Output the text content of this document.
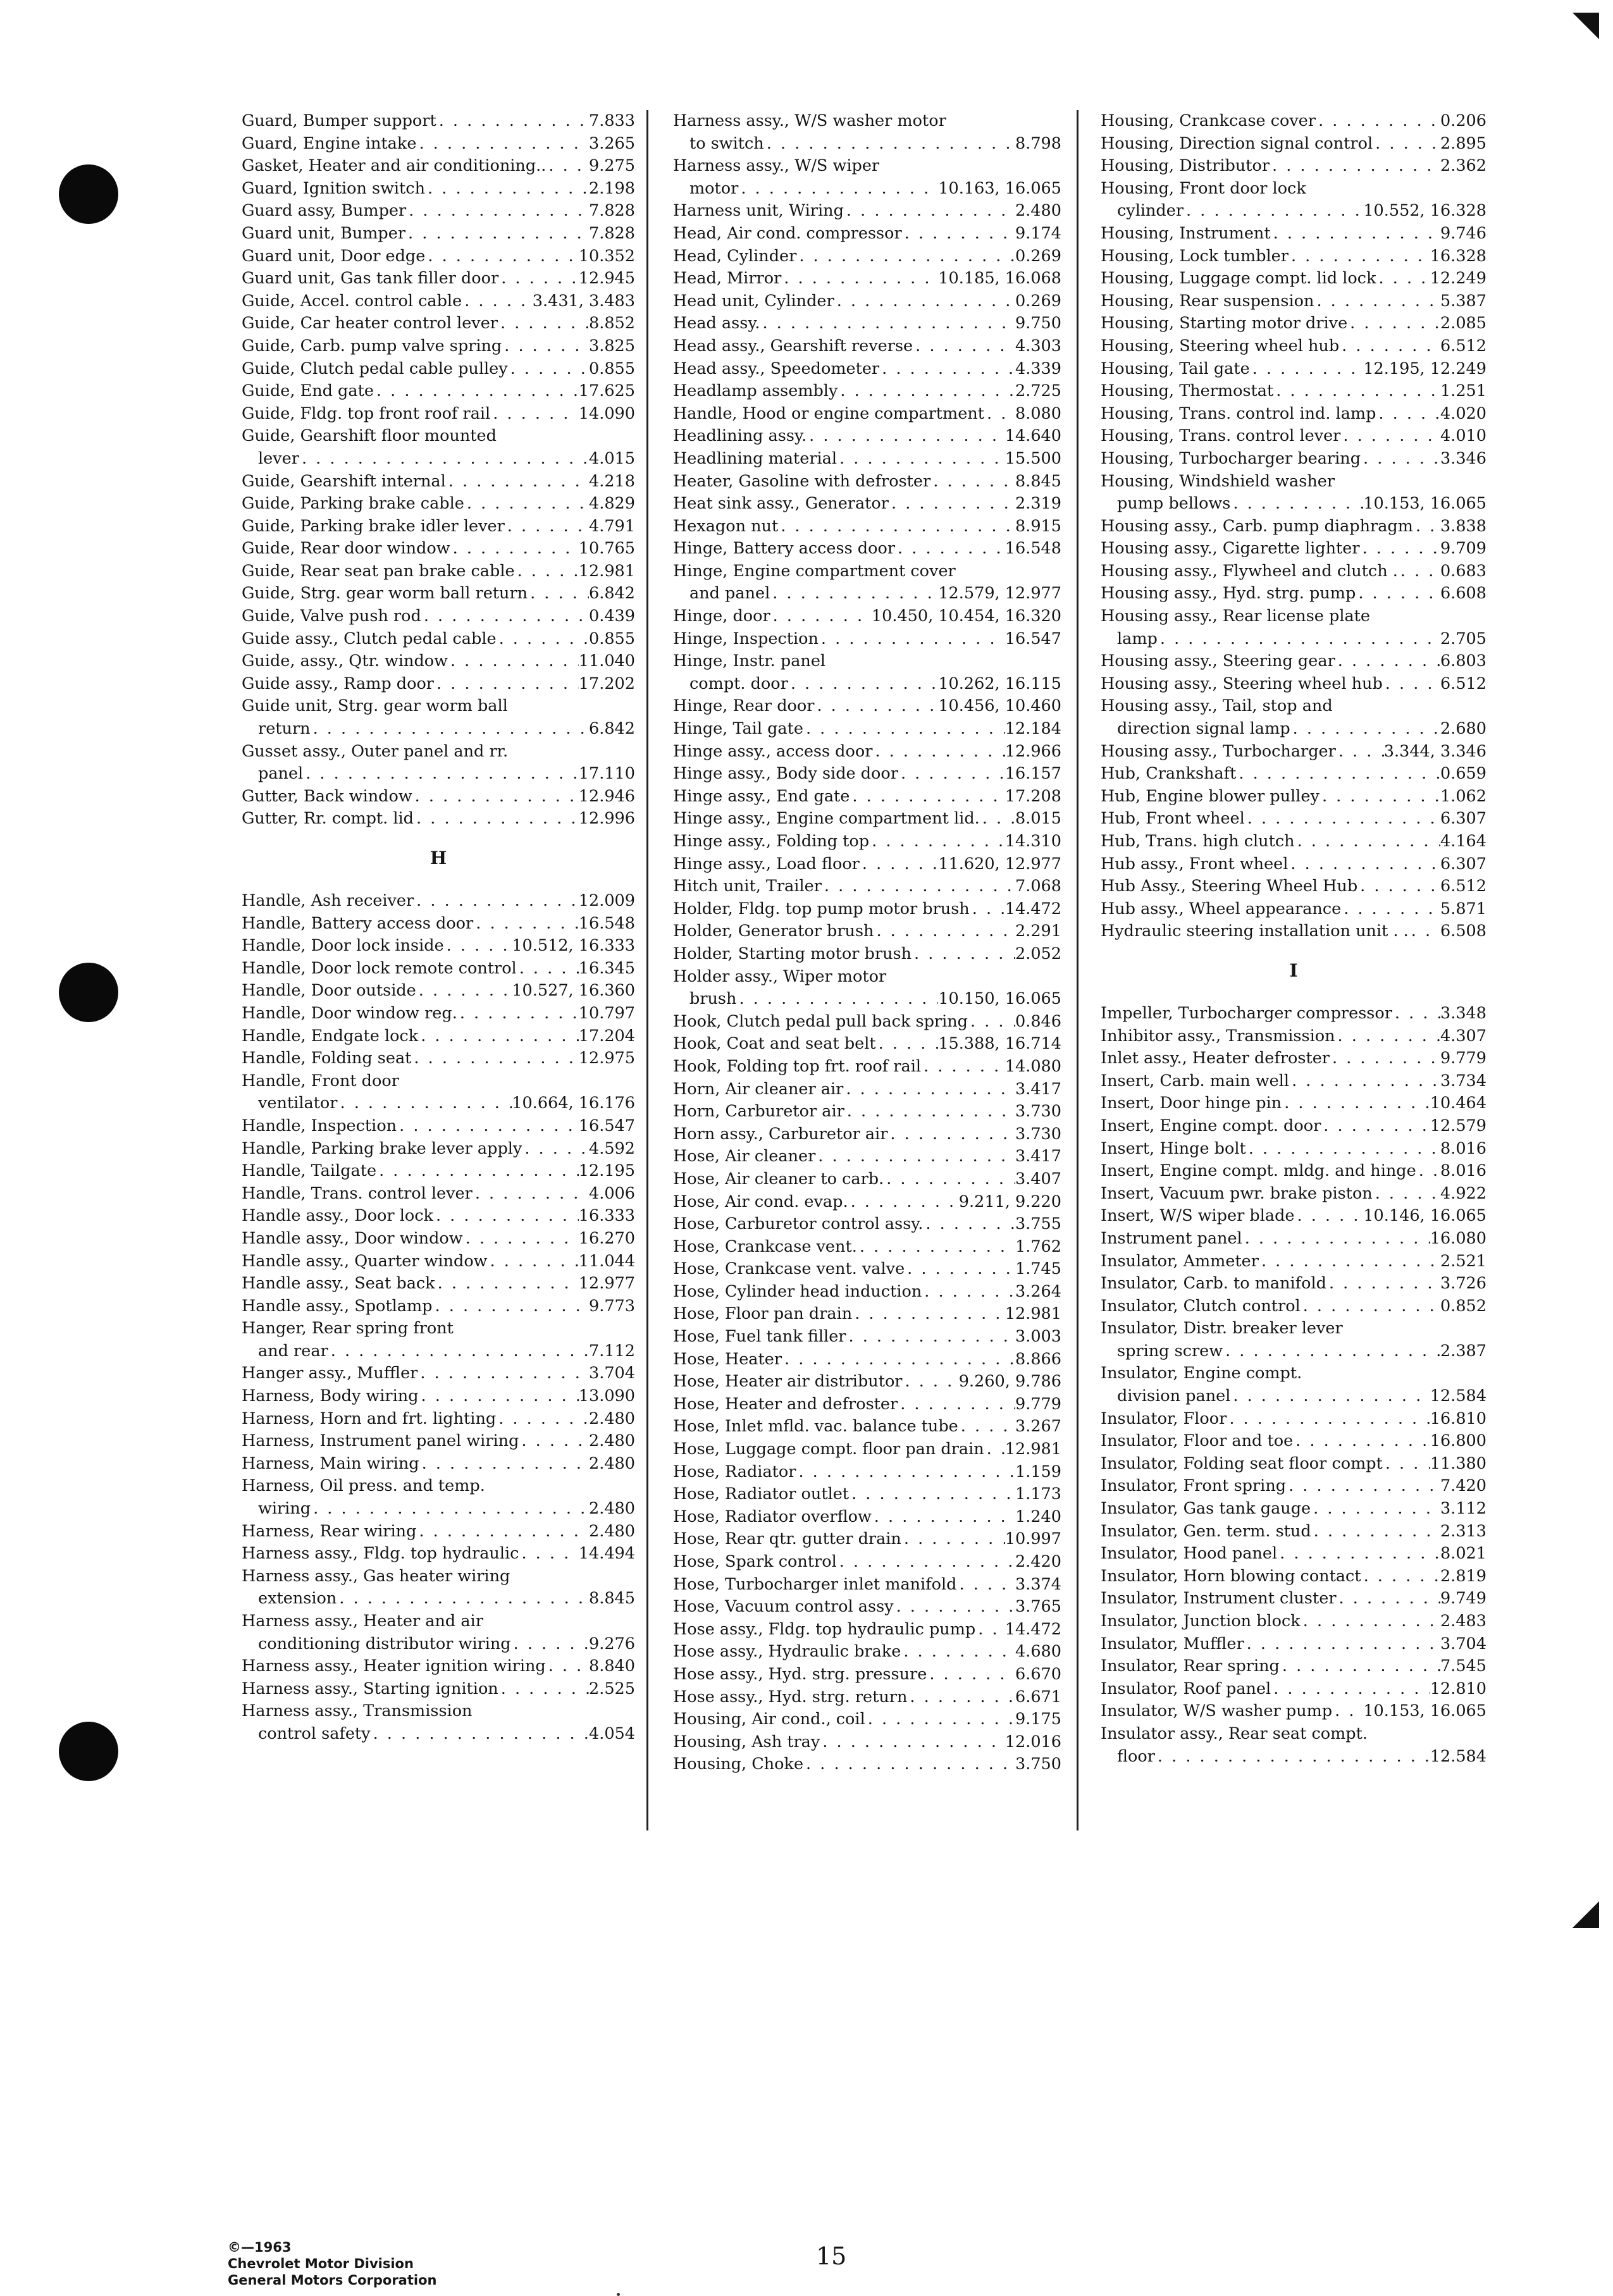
Guard, Bumper support . . .	7.833
Guard, Engine intake . . .	3.265
Gasket, Heater and air conditioning.. . . .	9.275
Guard, Ignition switch . . .	2.198
Guard assy, Bumper . . .	7.828
Guard unit, Bumper . . .	7.828
Guard unit, Door edge . . .	10.352
Guard unit, Gas tank filler door . . .	12.945
Guide, Accel. control cable . . .	3.431, 3.483
Guide, Car heater control lever . . .	8.852
Guide, Carb. pump valve spring . . .	3.825
Guide, Clutch pedal cable pulley . . .	0.855
Guide, End gate . . .	17.625
Guide, Fldg. top front roof rail . . .	14.090
Guide, Gearshift floor mounted
lever . . .	4.015
Guide, Gearshift internal . . .	4.218
Guide, Parking brake cable . . .	4.829
Guide, Parking brake idler lever . . .	4.791
Guide, Rear door window . . .	10.765
Guide, Rear seat pan brake cable . . .	12.981
Guide, Strg. gear worm ball return . . .	6.842
Guide, Valve push rod . . .	0.439
Guide assy., Clutch pedal cable . . .	0.855
Guide, assy., Qtr. window . . .	11.040
Guide assy., Ramp door . . .	17.202
Guide unit, Strg. gear worm ball
return . . .	6.842
Gusset assy., Outer panel and rr.
panel . . .	17.110
Gutter, Back window . . .	12.946
Gutter, Rr. compt. lid . . .	12.996
H
Handle, Ash receiver . . .	12.009
Handle, Battery access door . . .	16.548
Handle, Door lock inside . . .	10.512, 16.333
Handle, Door lock remote control . . .	16.345
Handle, Door outside . . .	10.527, 16.360
Handle, Door window reg. . . .	10.797
Handle, Endgate lock . . .	17.204
Handle, Folding seat . . .	12.975
Handle, Front door
ventilator . . .	10.664, 16.176
Handle, Inspection . . .	16.547
Handle, Parking brake lever apply . . .	4.592
Handle, Tailgate . . .	12.195
Handle, Trans. control lever . . .	4.006
Handle assy., Door lock . . .	16.333
Handle assy., Door window . . .	16.270
Handle assy., Quarter window . . .	11.044
Handle assy., Seat back . . .	12.977
Handle assy., Spotlamp . . .	9.773
Hanger, Rear spring front
and rear . . .	7.112
Hanger assy., Muffler . . .	3.704
Harness, Body wiring . . .	13.090
Harness, Horn and frt. lighting . . .	2.480
Harness, Instrument panel wiring . . .	2.480
Harness, Main wiring . . .	2.480
Harness, Oil press. and temp.
wiring . . .	2.480
Harness, Rear wiring . . .	2.480
Harness assy., Fldg. top hydraulic . . .	14.494
Harness assy., Gas heater wiring
extension . . .	8.845
Harness assy., Heater and air
conditioning distributor wiring . . .	9.276
Harness assy., Heater ignition wiring . . .	8.840
Harness assy., Starting ignition . . .	2.525
Harness assy., Transmission
control safety . . .	4.054
Harness assy., W/S washer motor
to switch . . .	8.798
Harness assy., W/S wiper
motor . . .	10.163, 16.065
Harness unit, Wiring . . .	2.480
Head, Air cond. compressor . . .	9.174
Head, Cylinder . . .	0.269
Head, Mirror . . .	10.185, 16.068
Head unit, Cylinder . . .	0.269
Head assy. . . .	9.750
Head assy., Gearshift reverse . . .	4.303
Head assy., Speedometer . . .	4.339
Headlamp assembly . . .	2.725
Handle, Hood or engine compartment . . . 8.080
Headlining assy. . . .	14.640
Headlining material . . .	15.500
Heater, Gasoline with defroster . . .	8.845
Heat sink assy., Generator . . .	2.319
Hexagon nut . . .	8.915
Hinge, Battery access door . . .	16.548
Hinge, Engine compartment cover
and panel . . .	12.579, 12.977
Hinge, door . . .	10.450, 10.454, 16.320
Hinge, Inspection . . .	16.547
Hinge, Instr. panel
compt. door . . .	10.262, 16.115
Hinge, Rear door . . .	10.456, 10.460
Hinge, Tail gate . . .	12.184
Hinge assy., access door . . .	12.966
Hinge assy., Body side door . . .	16.157
Hinge assy., End gate . . .	17.208
Hinge assy., Engine compartment lid. . . . 8.015
Hinge assy., Folding top . . .	14.310
Hinge assy., Load floor . . .	11.620, 12.977
Hitch unit, Trailer . . .	7.068
Holder, Fldg. top pump motor brush . . . 14.472
Holder, Generator brush . . .	2.291
Holder, Starting motor brush . . .	2.052
Holder assy., Wiper motor
brush . . .	10.150, 16.065
Hook, Clutch pedal pull back spring . . .	0.846
Hook, Coat and seat belt . . .	15.388, 16.714
Hook, Folding top frt. roof rail . . .	14.080
Horn, Air cleaner air . . .	3.417
Horn, Carburetor air . . .	3.730
Horn assy., Carburetor air . . .	3.730
Hose, Air cleaner . . .	3.417
Hose, Air cleaner to carb. . . .	3.407
Hose, Air cond. evap. . . .	9.211, 9.220
Hose, Carburetor control assy. . . .	3.755
Hose, Crankcase vent. . . .	1.762
Hose, Crankcase vent. valve . . .	1.745
Hose, Cylinder head induction . . .	3.264
Hose, Floor pan drain . . .	12.981
Hose, Fuel tank filler . . .	3.003
Hose, Heater . . .	8.866
Hose, Heater air distributor . . .	9.260, 9.786
Hose, Heater and defroster . . .	9.779
Hose, Inlet mfld. vac. balance tube . . .	3.267
Hose, Luggage compt. floor pan drain . . . 12.981
Hose, Radiator . . .	1.159
Hose, Radiator outlet . . .	1.173
Hose, Radiator overflow . . .	1.240
Hose, Rear qtr. gutter drain . . .	10.997
Hose, Spark control . . .	2.420
Hose, Turbocharger inlet manifold . . .	3.374
Hose, Vacuum control assy . . .	3.765
Hose assy., Fldg. top hydraulic pump . . . 14.472
Hose assy., Hydraulic brake . . .	4.680
Hose assy., Hyd. strg. pressure . . .	6.670
Hose assy., Hyd. strg. return . . .	6.671
Housing, Air cond., coil . . .	9.175
Housing, Ash tray . . .	12.016
Housing, Choke . . .	3.750
Housing, Crankcase cover . . .	0.206
Housing, Direction signal control . . .	2.895
Housing, Distributor . . .	2.362
Housing, Front door lock
cylinder . . .	10.552, 16.328
Housing, Instrument . . .	9.746
Housing, Lock tumbler . . .	16.328
Housing, Luggage compt. lid lock . . .	12.249
Housing, Rear suspension . . .	5.387
Housing, Starting motor drive . . .	2.085
Housing, Steering wheel hub . . .	6.512
Housing, Tail gate . . .	12.195, 12.249
Housing, Thermostat . . .	1.251
Housing, Trans. control ind. lamp . . .	4.020
Housing, Trans. control lever . . .	4.010
Housing, Turbocharger bearing . . .	3.346
Housing, Windshield washer
pump bellows . . .	10.153, 16.065
Housing assy., Carb. pump diaphragm . . . 3.838
Housing assy., Cigarette lighter . . .	9.709
Housing assy., Flywheel and clutch . . . .	0.683
Housing assy., Hyd. strg. pump . . .	6.608
Housing assy., Rear license plate
lamp . . .	2.705
Housing assy., Steering gear . . .	6.803
Housing assy., Steering wheel hub . . .	6.512
Housing assy., Tail, stop and
direction signal lamp . . .	2.680
Housing assy., Turbocharger . . .	3.344, 3.346
Hub, Crankshaft . . .	0.659
Hub, Engine blower pulley . . .	1.062
Hub, Front wheel . . .	6.307
Hub, Trans. high clutch . . .	4.164
Hub assy., Front wheel . . .	6.307
Hub Assy., Steering Wheel Hub . . .	6.512
Hub assy., Wheel appearance . . .	5.871
Hydraulic steering installation unit . . . . . 6.508
I
Impeller, Turbocharger compressor . . .	3.348
Inhibitor assy., Transmission . . .	4.307
Inlet assy., Heater defroster . . .	9.779
Insert, Carb. main well . . .	3.734
Insert, Door hinge pin . . .	10.464
Insert, Engine compt. door . . .	12.579
Insert, Hinge bolt . . .	8.016
Insert, Engine compt. mldg. and hinge . . . 8.016
Insert, Vacuum pwr. brake piston . . .	4.922
Insert, W/S wiper blade . . .	10.146, 16.065
Instrument panel . . .	16.080
Insulator, Ammeter . . .	2.521
Insulator, Carb. to manifold . . .	3.726
Insulator, Clutch control . . .	0.852
Insulator, Distr. breaker lever
spring screw . . .	2.387
Insulator, Engine compt.
division panel . . .	12.584
Insulator, Floor . . .	16.810
Insulator, Floor and toe . . .	16.800
Insulator, Folding seat floor compt . . .	11.380
Insulator, Front spring . . .	7.420
Insulator, Gas tank gauge . . .	3.112
Insulator, Gen. term. stud . . .	2.313
Insulator, Hood panel . . .	8.021
Insulator, Horn blowing contact . . .	2.819
Insulator, Instrument cluster . . .	9.749
Insulator, Junction block . . .	2.483
Insulator, Muffler . . .	3.704
Insulator, Rear spring . . .	7.545
Insulator, Roof panel . . .	12.810
Insulator, W/S washer pump . . . 10.153, 16.065
Insulator assy., Rear seat compt.
floor . . .	12.584
©—1963
Chevrolet Motor Division
General Motors Corporation
15
